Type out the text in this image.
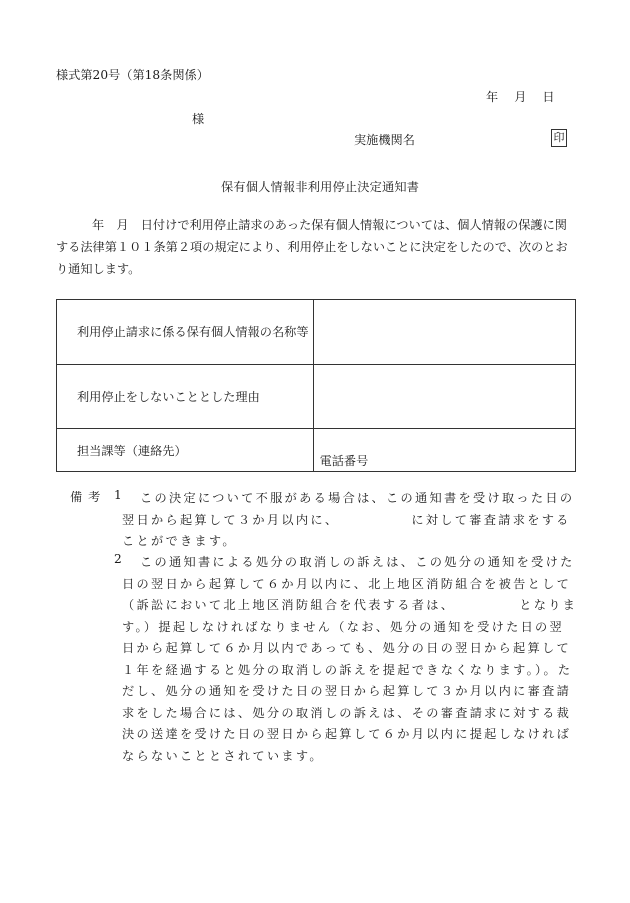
様式第20号（第18条関係）
年 月 日
様
実施機関名	印
保有個人情報非利用停止決定通知書
年　月　日付けで利用停止請求のあった保有個人情報については、個人情報の保護に関する法律第１０１条第２項の規定により、利用停止をしないことに決定をしたので、次のとおり通知します。
利用停止請求に係る保有個人情報の名称等	
利用停止をしないこととした理由	
担当課等（連絡先）	電話番号
備考 1	この決定について不服がある場合は、この通知書を受け取った日の翌日から起算して３か月以内に、	に対して審査請求をすることができます。
2	この通知書による処分の取消しの訴えは、この処分の通知を受けた日の翌日から起算して６か月以内に、北上地区消防組合を被告として（訴訟において北上地区消防組合を代表する者は、	となります。）提起しなければなりません（なお、処分の通知を受けた日の翌日から起算して６か月以内であっても、処分の日の翌日から起算して１年を経過すると処分の取消しの訴えを提起できなくなります。）。ただし、処分の通知を受けた日の翌日から起算して３か月以内に審査請求をした場合には、処分の取消しの訴えは、その審査請求に対する裁決の送達を受けた日の翌日から起算して６か月以内に提起しなければならないこととされています。
